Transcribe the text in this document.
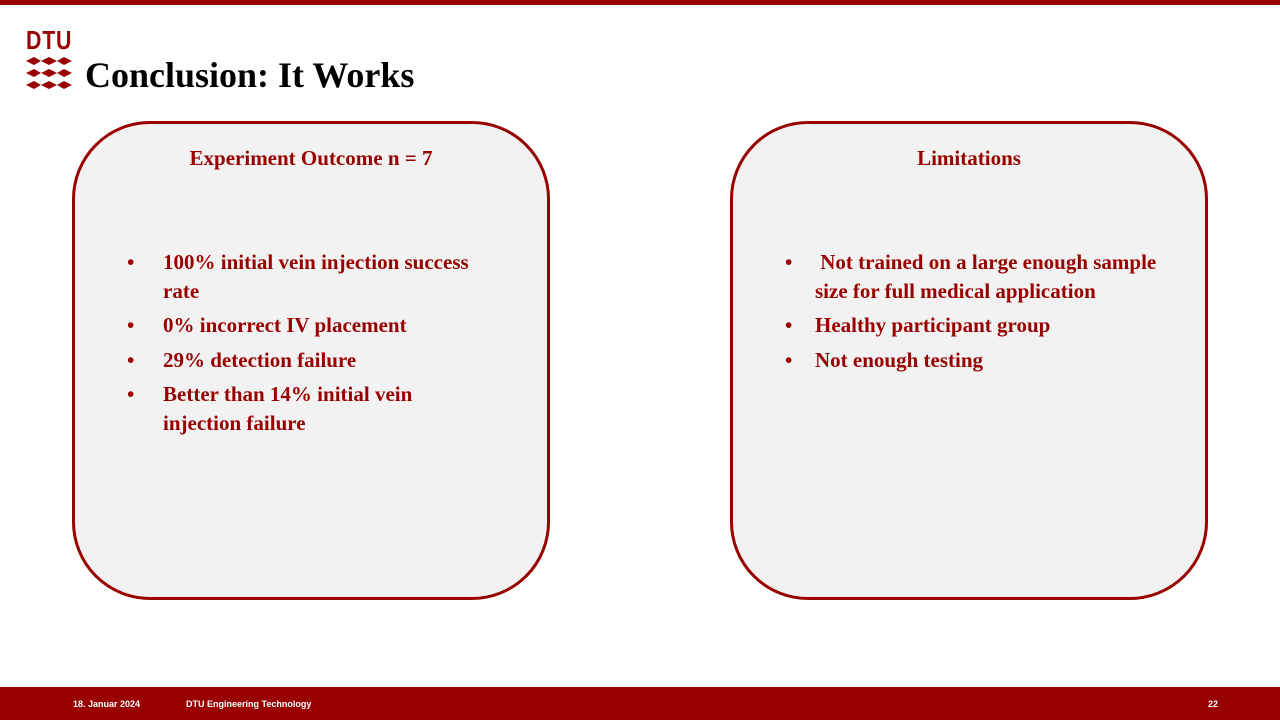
DTU
Conclusion: It Works
Experiment Outcome n = 7
• 100% initial vein injection success rate
• 0% incorrect IV placement
• 29% detection failure
• Better than 14% initial vein injection failure
Limitations
• Not trained on a large enough sample size for full medical application
• Healthy participant group
• Not enough testing
18. Januar 2024	DTU Engineering Technology	22
